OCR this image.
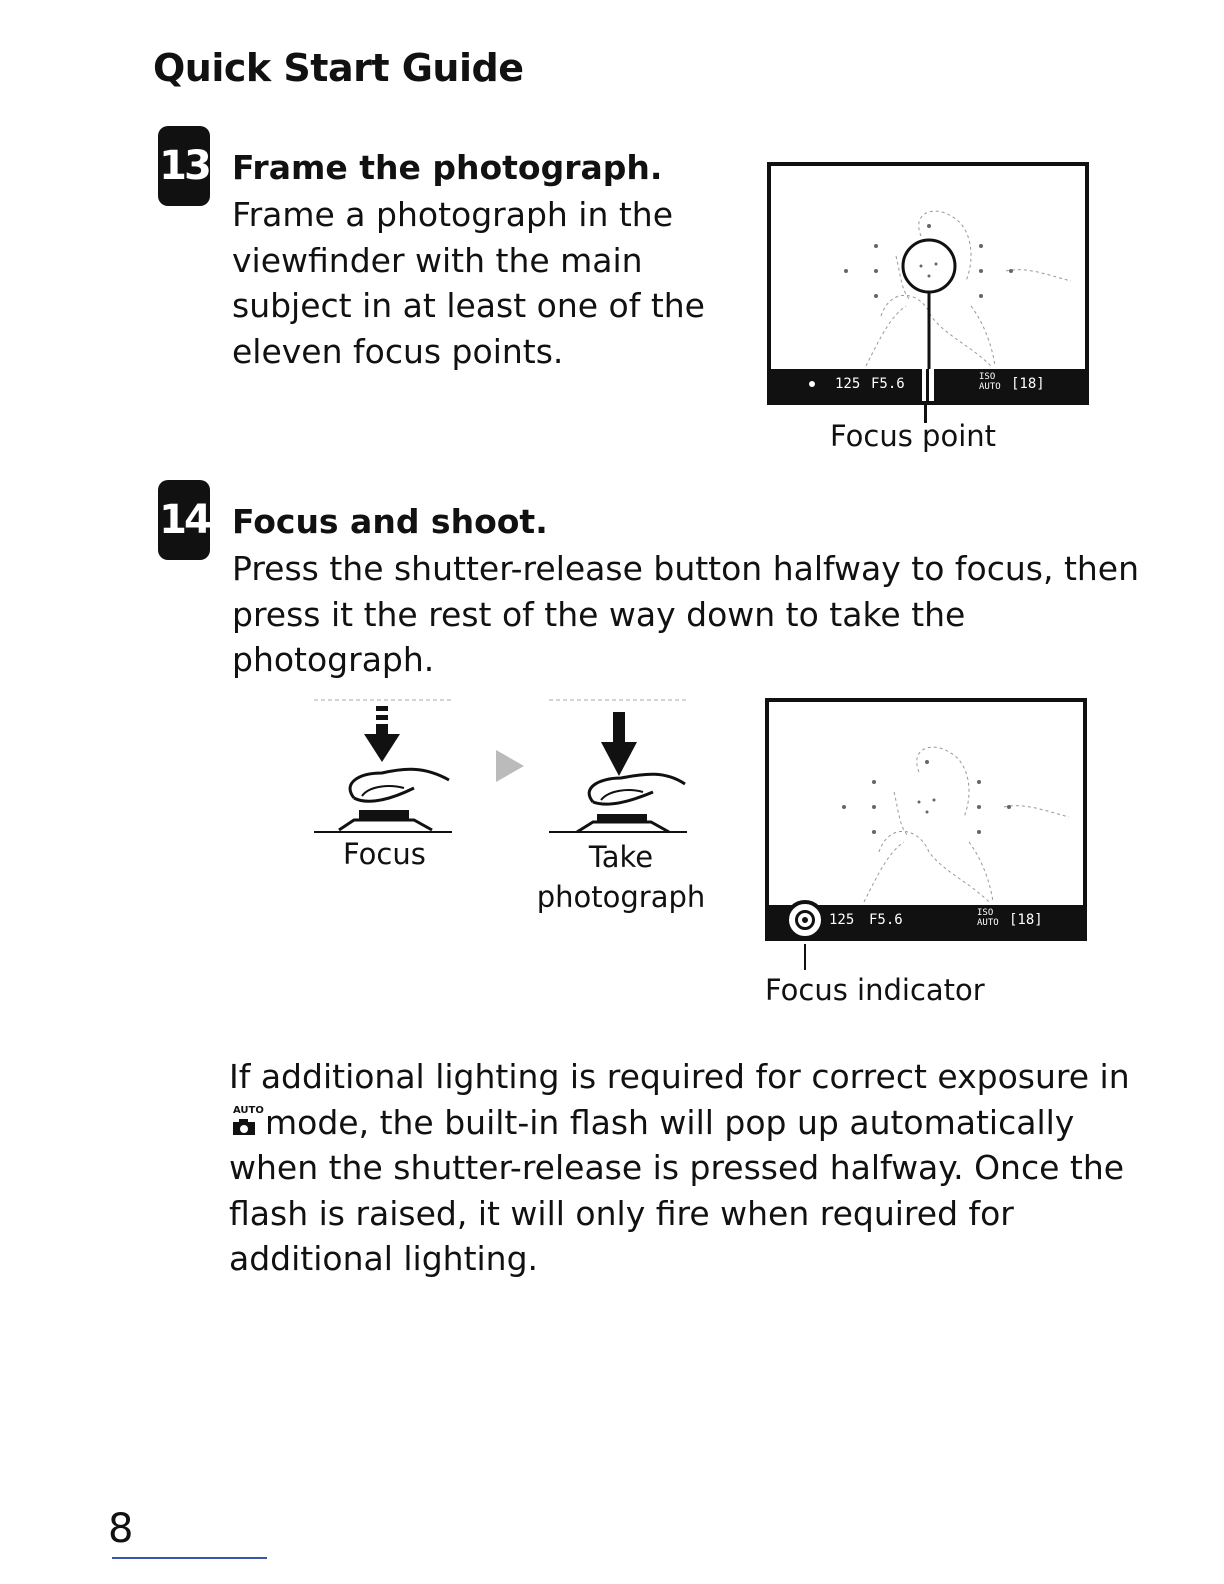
Quick Start Guide
13 Frame the photograph.
Frame a photograph in the
viewfinder with the main
subject in at least one of the
eleven focus points.
125 F5.6	ISO AUTO [18]
Focus point
14 Focus and shoot.
Press the shutter-release button halfway to focus, then
press it the rest of the way down to take the
photograph.
Focus	Take
photograph
125 F5.6	ISO AUTO [18]
Focus indicator
If additional lighting is required for correct exposure in
AUTO mode, the built-in flash will pop up automatically
when the shutter-release is pressed halfway. Once the
flash is raised, it will only fire when required for
additional lighting.
8
